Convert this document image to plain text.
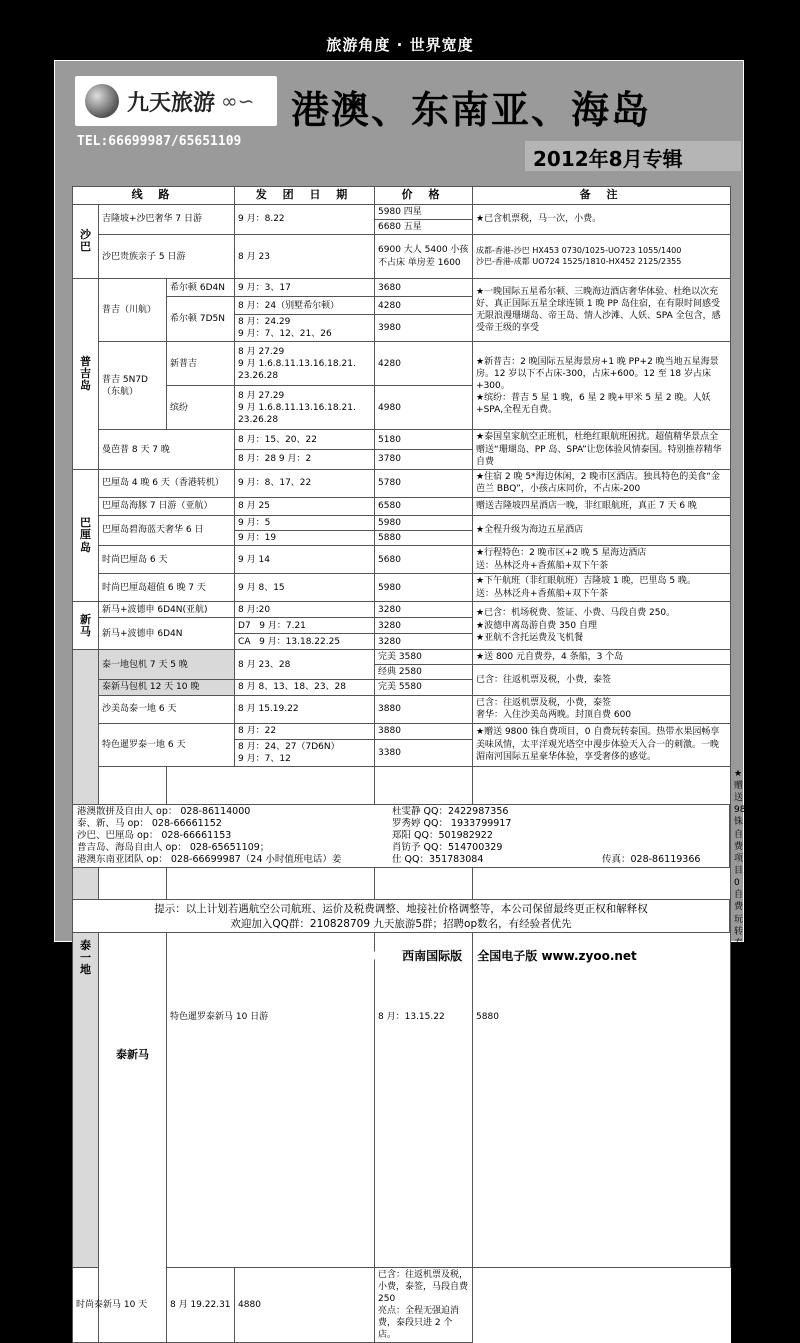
旅游角度 · 世界宽度
九天旅游 ∞∽ 港澳、东南亚、海岛
TEL:66699987/65651109
2012年8月专辑
线 路			发 团 日 期	价 格	备 注	
沙巴	吉隆坡+沙巴奢华 7 日游		9 月：8.22	5980 四星	★已含机票税，马一次，小费。	
				6680 五星		
	沙巴贵族亲子 5 日游		8 月 23	6900 大人 5400 小孩不占床 单房差 1600	成都-香港-沙巴 HX453 0730/1025-UO723 1055/1400
沙巴-香港-成都 UO724 1525/1810-HX452 2125/2355	
普吉岛	普吉（川航）	希尔顿 6D4N	9 月：3、17	3680	★一晚国际五星希尔顿、三晚海边酒店奢华体验、杜绝以次充好、真正国际五星全球连锁 1 晚 PP 岛住宿，在有限时间感受无限浪漫珊瑚岛、帝王岛、情人沙滩、人妖、SPA 全包含，感受帝王级的享受	
		希尔顿 7D5N	8 月：24（别墅希尔顿）	4280		
			8 月：24.29
9 月：7、12、21、26	3980		
	普吉 5N7D（东航）	新普吉	8 月 27.29
9 月 1.6.8.11.13.16.18.21.
23.26.28	4280	★新普吉：2 晚国际五星海景房+1 晚 PP+2 晚当地五星海景房。12 岁以下不占床-300，占床+600。12 至 18 岁占床+300。
★缤纷：普吉 5 星 1 晚，6 星 2 晚+甲米 5 星 2 晚。人妖+SPA,全程无自费。	
		缤纷	8 月 27.29
9 月 1.6.8.11.13.16.18.21.
23.26.28	4980		
	曼芭普 8 天 7 晚		8 月：15、20、22	5180	★泰国皇家航空正班机，杜绝红眼航班困扰。超值精华景点全赠送“珊瑚岛、PP 岛、SPA”让您体验风情泰国。特别推荐精华自费	
			8 月：28 9 月：2	3780		
巴厘岛	巴厘岛 4 晚 6 天（香港转机）		9 月：8、17、22	5780	★住宿 2 晚 5*海边休闲，2 晚市区酒店。独具特色的美食“金芭兰 BBQ”，小孩占床同价，不占床-200	
	巴厘岛海豚 7 日游（亚航）		8 月 25	6580	赠送吉隆坡四星酒店一晚，非红眼航班，真正 7 天 6 晚	
	巴厘岛碧海蓝天奢华 6 日		9 月：5	5980	★全程升级为海边五星酒店	
			9 月：19	5880		
	时尚巴厘岛 6 天		9 月 14	5680	★行程特色：2 晚市区+2 晚 5 星海边酒店
送：丛林泛舟+香蕉船+双下午茶	
	时尚巴厘岛超值 6 晚 7 天		9 月 8、15	5980	★下午航班（非红眼航班）吉隆坡 1 晚，巴里岛 5 晚。
送：丛林泛舟+香蕉船+双下午茶	
新马	新马+波德申 6D4N(亚航)		8 月:20	3280	★已含：机场税费、签证、小费、马段自费 250。
★波德申离岛游自费 350 自理
★亚航不含托运费及飞机餐	
	新马+波德申 6D4N		D7 9 月：7.21	3280		
			CA 9 月：13.18.22.25	3280		
泰一地	泰一地包机 7 天 5 晚		8 月 23、28	完美 3580	★送 800 元自费券，4 条船，3 个岛	
				经典 2580	已含：往返机票及税，小费，泰签	
	泰新马包机 12 天 10 晚		8 月 8、13、18、23、28	完美 5580		
	沙美岛泰一地 6 天		8 月 15.19.22	3880	已含：往返机票及税，小费，泰签
奢华：入住沙美岛两晚。封顶自费 600	
	特色暹罗泰一地 6 天		8 月：22	3880	★赠送 9800 铢自费项目，0 自费玩转泰国。热带水果园畅享美味风情，太平洋观光塔空中漫步体验天入合一的刺激。一晚湄南河国际五星豪华体验，享受奢侈的感觉。	
			8 月：24、27（7D6N）
9 月：7、12	3380		
	泰新马	特色暹罗泰新马 10 日游		8 月：13.15.22	5880	★赠送 9800 铢自费项目，0 自费玩转泰国。杜拉拉四合水上市场感受苋蓉生活，五条船真正玩转暹罗国。
时尚泰新马 10 天		8 月 19.22.31	4880	已含：往返机票及税，小费，泰签，马段自费 250
亮点：全程无强迫消费，泰段只进 2 个店。		
港澳散拼及自由人 op： 028-86114000	杜雯静 QQ：2422987356
泰、新、马 op： 028-66661152	罗秀婷 QQ： 1933799917
沙巴、巴厘岛 op： 028-66661153	郑阳 QQ：501982922
普吉岛、海岛自由人 op： 028-65651109；	肖钫予 QQ：514700329
港澳东南亚团队 op： 028-66699987（24 小时值班电话）姜	仕 QQ：351783084	传真：028-86119366
提示：以上计划若遇航空公司航班、运价及税费调整、地接社价格调整等，本公司保留最终更正权和解释权
欢迎加入QQ群：210828709 九天旅游5群；招聘op数名，有经验者优先
蓝版前章 09 西南国际版 全国电子版 www.zyoo.net
